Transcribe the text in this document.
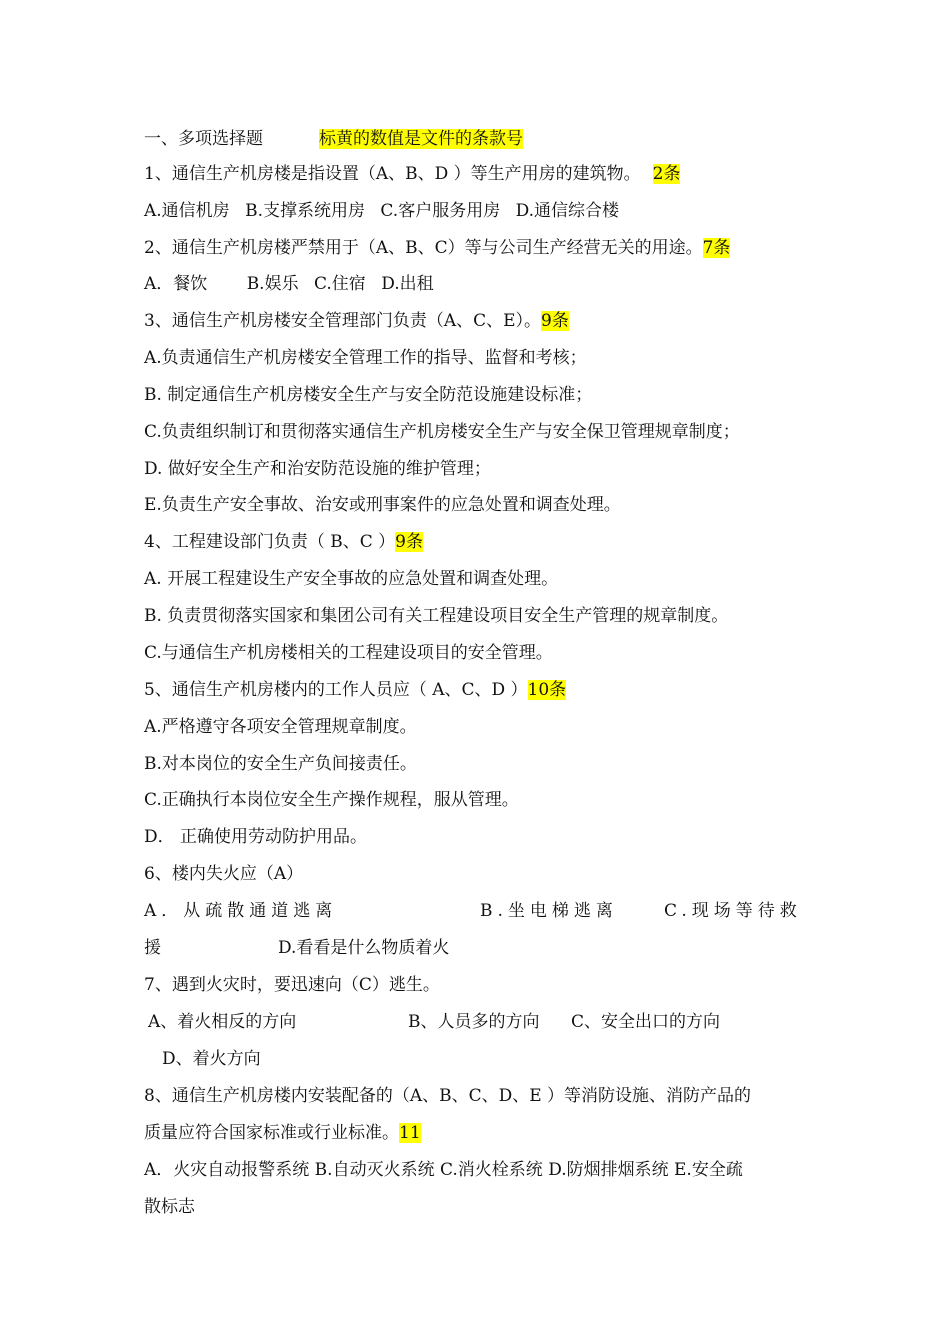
一、多项选择题	标黄的数值是文件的条款号
1、通信生产机房楼是指设置（A、B、D ）等生产用房的建筑物。 2条
A.通信机房 B.支撑系统用房 C.客户服务用房 D.通信综合楼
2、通信生产机房楼严禁用于（A、B、C）等与公司生产经营无关的用途。7条
A．餐饮 B.娱乐 C.住宿 D.出租
3、通信生产机房楼安全管理部门负责（A、C、E）。9条
A.负责通信生产机房楼安全管理工作的指导、监督和考核；
B. 制定通信生产机房楼安全生产与安全防范设施建设标准；
C.负责组织制订和贯彻落实通信生产机房楼安全生产与安全保卫管理规章制度；
D. 做好安全生产和治安防范设施的维护管理；
E.负责生产安全事故、治安或刑事案件的应急处置和调查处理。
4、工程建设部门负责（ B、C ）9条
A. 开展工程建设生产安全事故的应急处置和调查处理。
B. 负责贯彻落实国家和集团公司有关工程建设项目安全生产管理的规章制度。
C.与通信生产机房楼相关的工程建设项目的安全管理。
5、通信生产机房楼内的工作人员应（ A、C、D ）10条
A.严格遵守各项安全管理规章制度。
B.对本岗位的安全生产负间接责任。
C.正确执行本岗位安全生产操作规程，服从管理。
D． 正确使用劳动防护用品。
6、楼内失火应（A）
A．从疏散通道逃离	B.坐电梯逃离	C.现场等待救
援	D.看看是什么物质着火
7、遇到火灾时，要迅速向（C）逃生。
A、着火相反的方向	B、人员多的方向 C、安全出口的方向
D、着火方向
8、通信生产机房楼内安装配备的（A、B、C、D、E ）等消防设施、消防产品的
质量应符合国家标准或行业标准。11
A．火灾自动报警系统 B.自动灭火系统 C.消火栓系统 D.防烟排烟系统 E.安全疏
散标志
